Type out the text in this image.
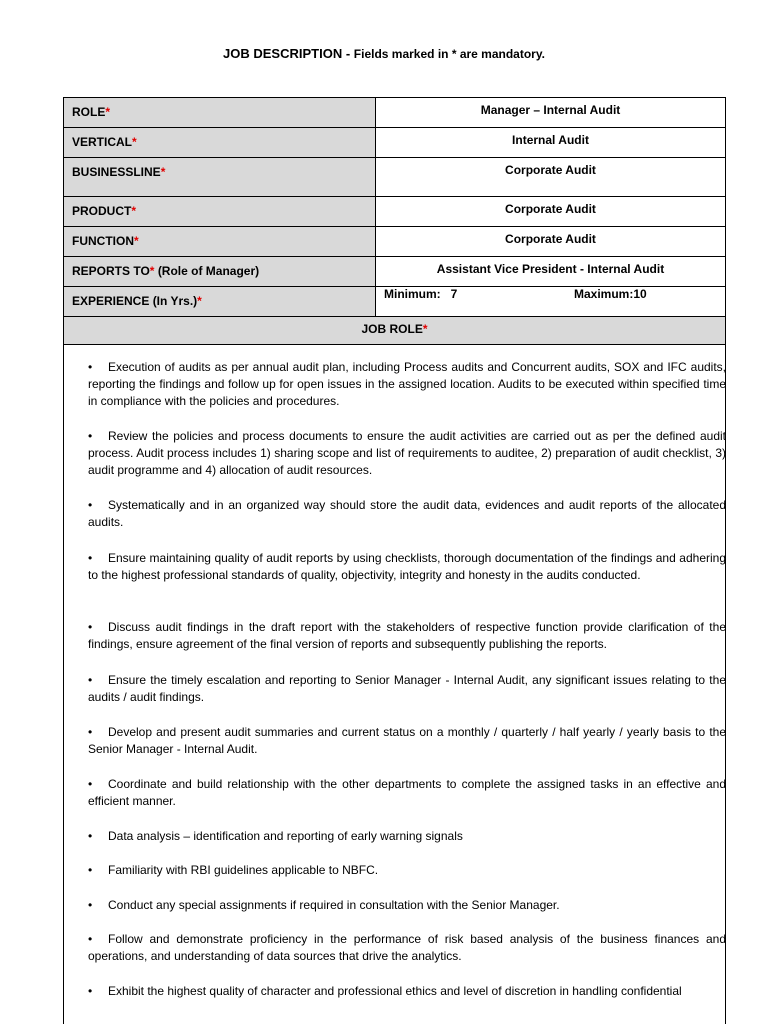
JOB DESCRIPTION - Fields marked in * are mandatory.
ROLE*	Manager – Internal Audit
VERTICAL*	Internal Audit
BUSINESSLINE*	Corporate Audit
PRODUCT*	Corporate Audit
FUNCTION*	Corporate Audit
REPORTS TO* (Role of Manager)	Assistant Vice President - Internal Audit
EXPERIENCE (In Yrs.)*	Minimum:   7 Maximum:10
JOB ROLE*	
• Execution of audits as per annual audit plan, including Process audits and Concurrent audits, SOX and IFC audits, reporting the findings and follow up for open issues in the assigned location. Audits to be executed within specified time in compliance with the policies and procedures.
• Review the policies and process documents to ensure the audit activities are carried out as per the defined audit process. Audit process includes 1) sharing scope and list of requirements to auditee, 2) preparation of audit checklist, 3) audit programme and 4) allocation of audit resources.
• Systematically and in an organized way should store the audit data, evidences and audit reports of the allocated audits.
• Ensure maintaining quality of audit reports by using checklists, thorough documentation of the findings and adhering to the highest professional standards of quality, objectivity, integrity and honesty in the audits conducted.
• Discuss audit findings in the draft report with the stakeholders of respective function provide clarification of the findings, ensure agreement of the final version of reports and subsequently publishing the reports.
• Ensure the timely escalation and reporting to Senior Manager - Internal Audit, any significant issues relating to the audits / audit findings.
• Develop and present audit summaries and current status on a monthly / quarterly / half yearly / yearly basis to the Senior Manager - Internal Audit.
• Coordinate and build relationship with the other departments to complete the assigned tasks in an effective and efficient manner.
• Data analysis – identification and reporting of early warning signals
• Familiarity with RBI guidelines applicable to NBFC.
• Conduct any special assignments if required in consultation with the Senior Manager.
• Follow and demonstrate proficiency in the performance of risk based analysis of the business finances and operations, and understanding of data sources that drive the analytics.
• Exhibit the highest quality of character and professional ethics and level of discretion in handling confidential
